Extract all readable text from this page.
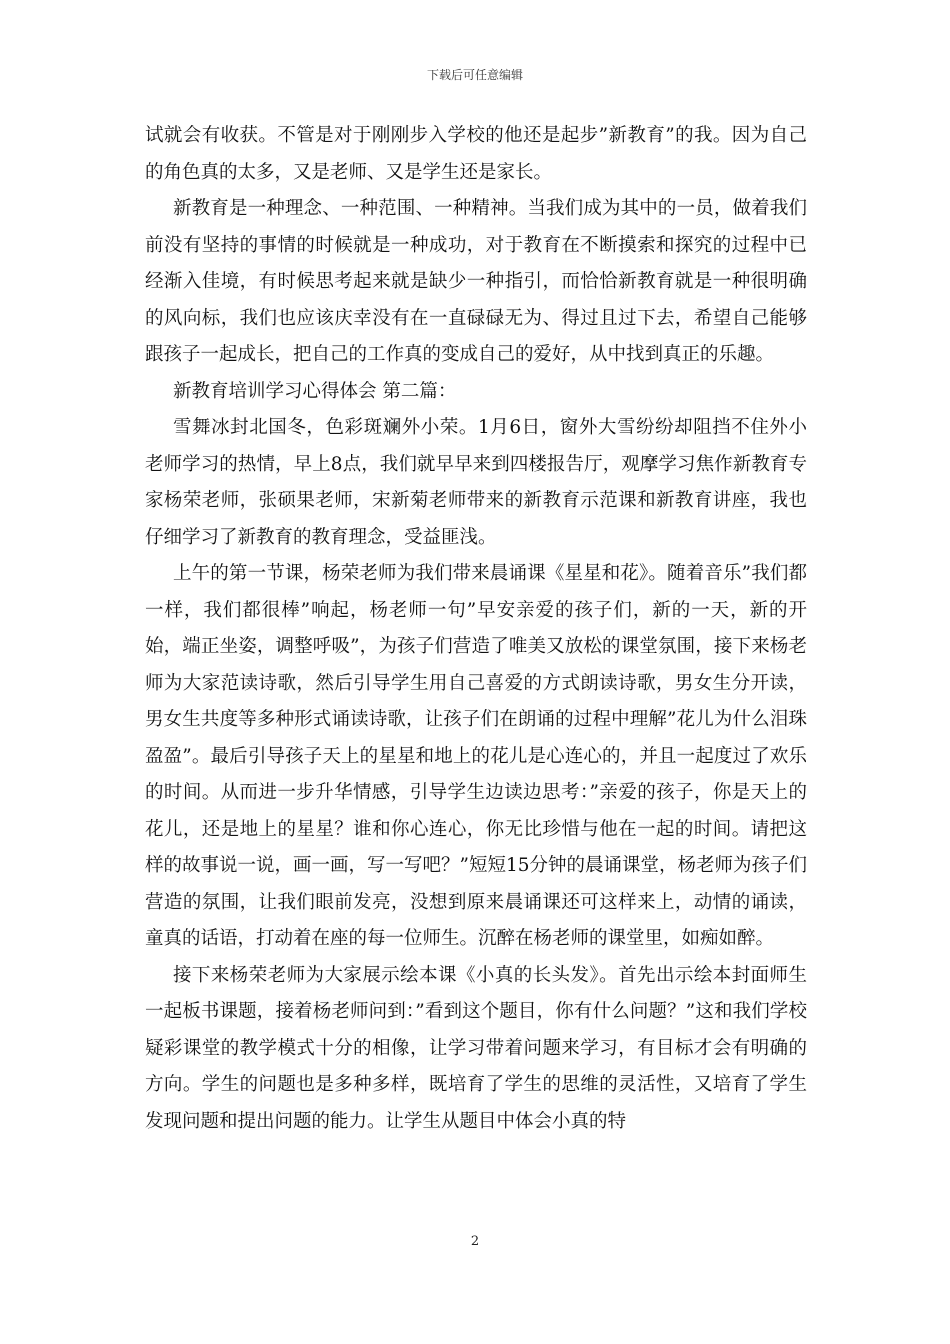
下载后可任意编辑

试就会有收获。不管是对于刚刚步入学校的他还是起步”新教育”的我。因为自己的角色真的太多，又是老师、又是学生还是家长。

新教育是一种理念、一种范围、一种精神。当我们成为其中的一员，做着我们前没有坚持的事情的时候就是一种成功，对于教育在不断摸索和探究的过程中已经渐入佳境，有时候思考起来就是缺少一种指引，而恰恰新教育就是一种很明确的风向标，我们也应该庆幸没有在一直碌碌无为、得过且过下去，希望自己能够跟孩子一起成长，把自己的工作真的变成自己的爱好，从中找到真正的乐趣。

新教育培训学习心得体会 第二篇：

雪舞冰封北国冬，色彩斑斓外小荣。1月6日，窗外大雪纷纷却阻挡不住外小老师学习的热情，早上8点，我们就早早来到四楼报告厅，观摩学习焦作新教育专家杨荣老师，张硕果老师，宋新菊老师带来的新教育示范课和新教育讲座，我也仔细学习了新教育的教育理念，受益匪浅。

上午的第一节课，杨荣老师为我们带来晨诵课《星星和花》。随着音乐”我们都一样，我们都很棒”响起，杨老师一句”早安亲爱的孩子们，新的一天，新的开始，端正坐姿，调整呼吸”，为孩子们营造了唯美又放松的课堂氛围，接下来杨老师为大家范读诗歌，然后引导学生用自己喜爱的方式朗读诗歌，男女生分开读，男女生共度等多种形式诵读诗歌，让孩子们在朗诵的过程中理解”花儿为什么泪珠盈盈”。最后引导孩子天上的星星和地上的花儿是心连心的，并且一起度过了欢乐的时间。从而进一步升华情感，引导学生边读边思考：”亲爱的孩子，你是天上的花儿，还是地上的星星？谁和你心连心，你无比珍惜与他在一起的时间。请把这样的故事说一说，画一画，写一写吧？”短短15分钟的晨诵课堂，杨老师为孩子们营造的氛围，让我们眼前发亮，没想到原来晨诵课还可这样来上，动情的诵读，童真的话语，打动着在座的每一位师生。沉醉在杨老师的课堂里，如痴如醉。

接下来杨荣老师为大家展示绘本课《小真的长头发》。首先出示绘本封面师生一起板书课题，接着杨老师问到：”看到这个题目，你有什么问题？”这和我们学校疑彩课堂的教学模式十分的相像，让学习带着问题来学习，有目标才会有明确的方向。学生的问题也是多种多样，既培育了学生的思维的灵活性，又培育了学生发现问题和提出问题的能力。让学生从题目中体会小真的特

2
